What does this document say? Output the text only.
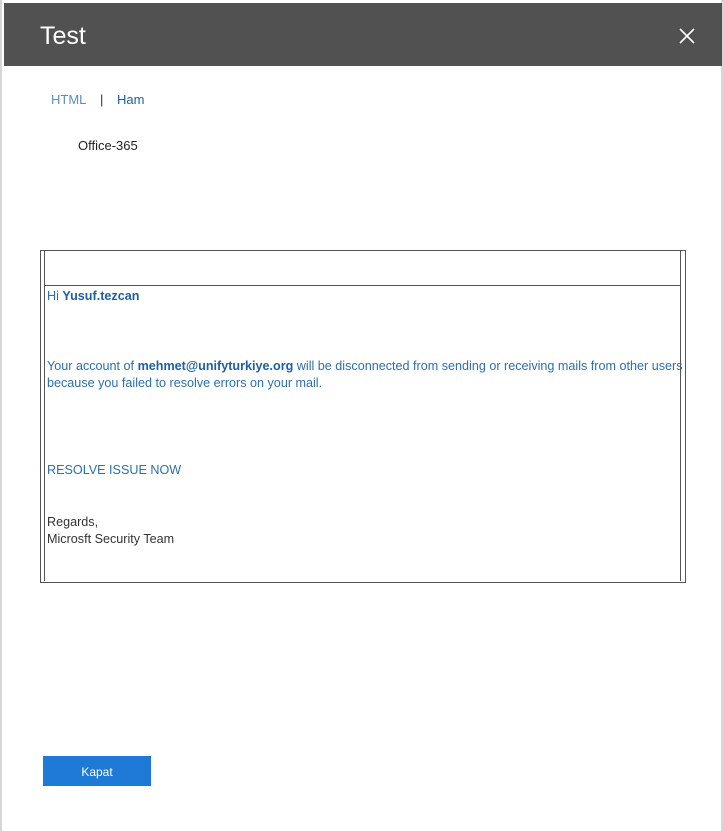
Test
HTML | Ham
Office-365
Hi Yusuf.tezcan
Your account of mehmet@unifyturkiye.org will be disconnected from sending or receiving mails from other users
because you failed to resolve errors on your mail.
RESOLVE ISSUE NOW
Regards,
Microsft Security Team
Kapat
